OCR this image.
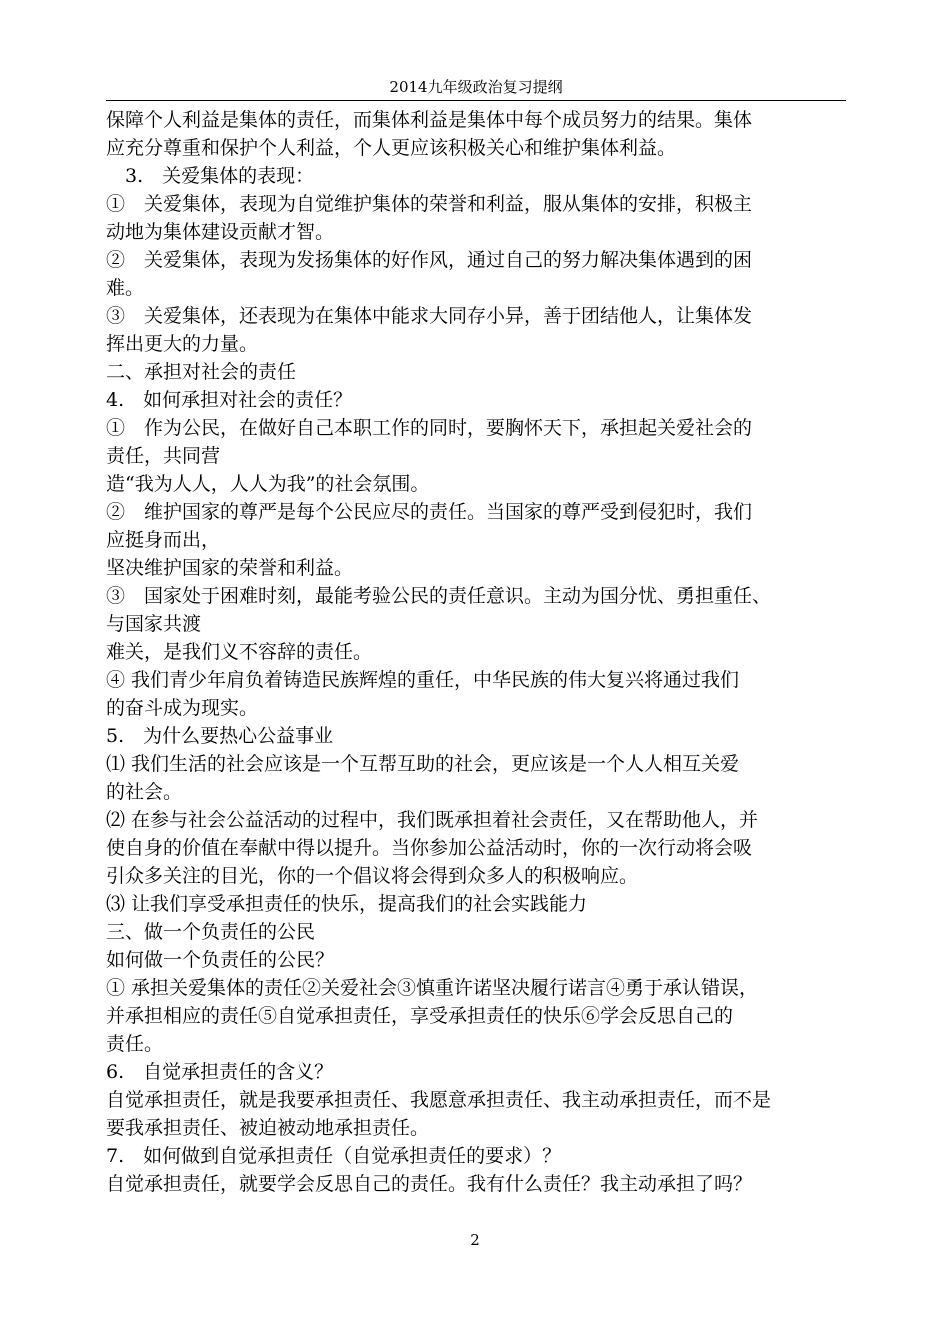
2014九年级政治复习提纲
保障个人利益是集体的责任，而集体利益是集体中每个成员努力的结果。集体
应充分尊重和保护个人利益，个人更应该积极关心和维护集体利益。
　3.　关爱集体的表现：
①　关爱集体，表现为自觉维护集体的荣誉和利益，服从集体的安排，积极主
动地为集体建设贡献才智。
②　关爱集体，表现为发扬集体的好作风，通过自己的努力解决集体遇到的困
难。
③　关爱集体，还表现为在集体中能求大同存小异，善于团结他人，让集体发
挥出更大的力量。
二、承担对社会的责任
4.　如何承担对社会的责任？
①　作为公民，在做好自己本职工作的同时，要胸怀天下，承担起关爱社会的
责任，共同营
造“我为人人，人人为我”的社会氛围。
②　维护国家的尊严是每个公民应尽的责任。当国家的尊严受到侵犯时，我们
应挺身而出，
坚决维护国家的荣誉和利益。
③　国家处于困难时刻，最能考验公民的责任意识。主动为国分忧、勇担重任、
与国家共渡
难关，是我们义不容辞的责任。
④ 我们青少年肩负着铸造民族辉煌的重任，中华民族的伟大复兴将通过我们
的奋斗成为现实。
5.　为什么要热心公益事业
⑴ 我们生活的社会应该是一个互帮互助的社会，更应该是一个人人相互关爱
的社会。
⑵ 在参与社会公益活动的过程中，我们既承担着社会责任，又在帮助他人，并
使自身的价值在奉献中得以提升。当你参加公益活动时，你的一次行动将会吸
引众多关注的目光，你的一个倡议将会得到众多人的积极响应。
⑶ 让我们享受承担责任的快乐，提高我们的社会实践能力
三、做一个负责任的公民
如何做一个负责任的公民？
① 承担关爱集体的责任②关爱社会③慎重许诺坚决履行诺言④勇于承认错误，
并承担相应的责任⑤自觉承担责任，享受承担责任的快乐⑥学会反思自己的
责任。
6.　自觉承担责任的含义？
自觉承担责任，就是我要承担责任、我愿意承担责任、我主动承担责任，而不是
要我承担责任、被迫被动地承担责任。
7.　如何做到自觉承担责任（自觉承担责任的要求）？
自觉承担责任，就要学会反思自己的责任。我有什么责任？我主动承担了吗？
2
